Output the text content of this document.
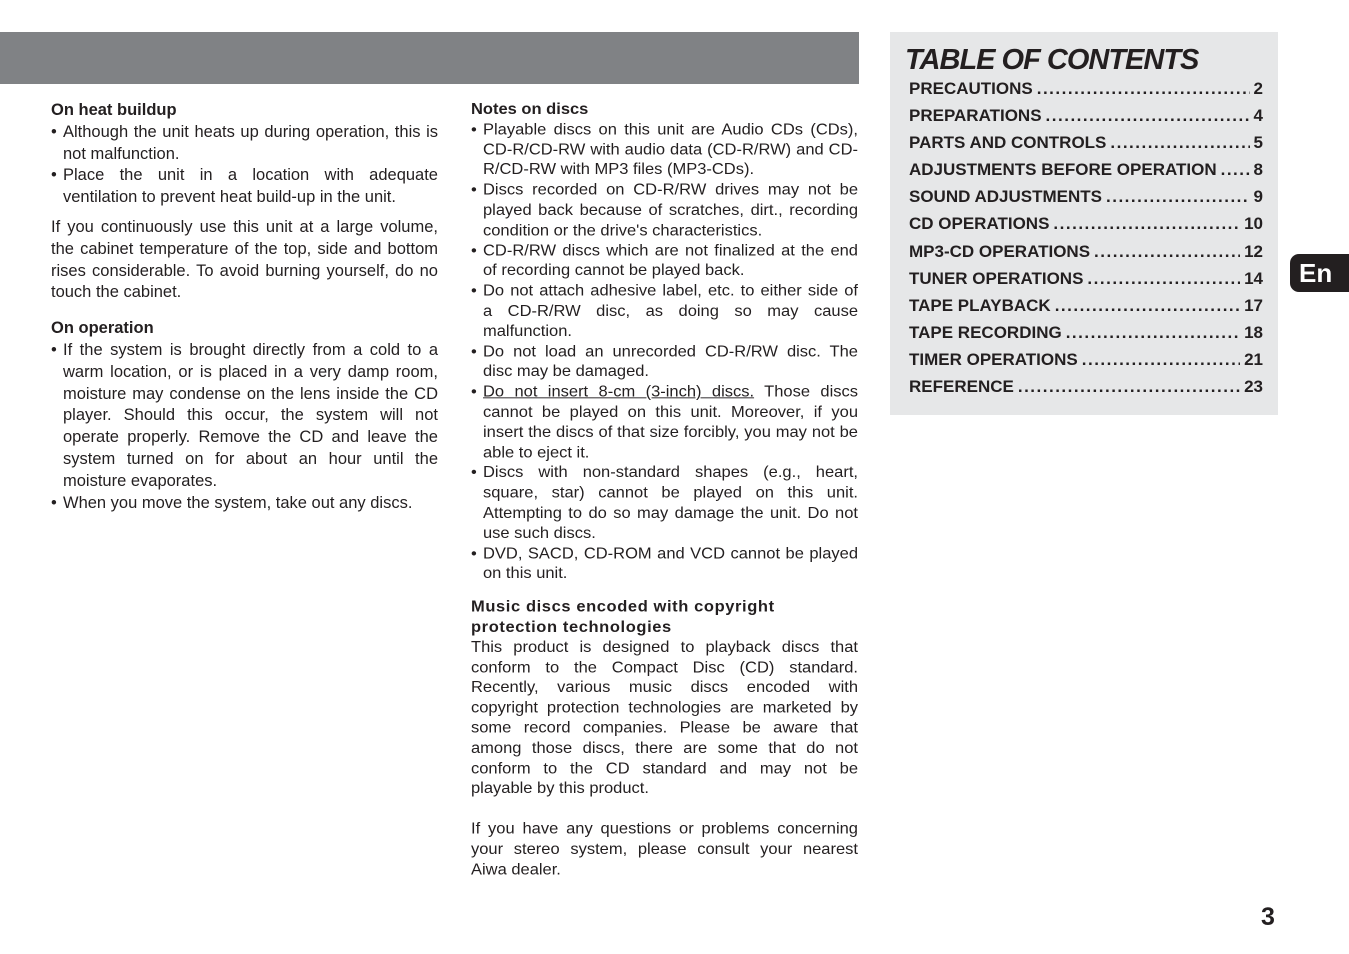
On heat buildup
• Although the unit heats up during operation, this is not malfunction.
• Place the unit in a location with adequate ventilation to prevent heat build-up in the unit.

If you continuously use this unit at a large volume, the cabinet temperature of the top, side and bottom rises considerable. To avoid burning yourself, do no touch the cabinet.

On operation
• If the system is brought directly from a cold to a warm location, or is placed in a very damp room, moisture may condense on the lens inside the CD player. Should this occur, the system will not operate properly. Remove the CD and leave the system turned on for about an hour until the moisture evaporates.
• When you move the system, take out any discs.
Notes on discs
• Playable discs on this unit are Audio CDs (CDs), CD-R/CD-RW with audio data (CD-R/RW) and CD-R/CD-RW with MP3 files (MP3-CDs).
• Discs recorded on CD-R/RW drives may not be played back because of scratches, dirt., recording condition or the drive's characteristics.
• CD-R/RW discs which are not finalized at the end of recording cannot be played back.
• Do not attach adhesive label, etc. to either side of a CD-R/RW disc, as doing so may cause malfunction.
• Do not load an unrecorded CD-R/RW disc. The disc may be damaged.
• Do not insert 8-cm (3-inch) discs. Those discs cannot be played on this unit. Moreover, if you insert the discs of that size forcibly, you may not be able to eject it.
• Discs with non-standard shapes (e.g., heart, square, star) cannot be played on this unit. Attempting to do so may damage the unit. Do not use such discs.
• DVD, SACD, CD-ROM and VCD cannot be played on this unit.
Music discs encoded with copyright protection technologies

This product is designed to playback discs that conform to the Compact Disc (CD) standard. Recently, various music discs encoded with copyright protection technologies are marketed by some record companies. Please be aware that among those discs, there are some that do not conform to the CD standard and may not be playable by this product.

If you have any questions or problems concerning your stereo system, please consult your nearest Aiwa dealer.

TABLE OF CONTENTS
PRECAUTIONS .....	2
PREPARATIONS .....	4
PARTS AND CONTROLS .....	5
ADJUSTMENTS BEFORE OPERATION ..... 8
SOUND ADJUSTMENTS .....	9
CD OPERATIONS .....	10
MP3-CD OPERATIONS .....	12
TUNER OPERATIONS .....	14
TAPE PLAYBACK .....	17
TAPE RECORDING .....	18
TIMER OPERATIONS .....	21
REFERENCE .....	23
En
3
